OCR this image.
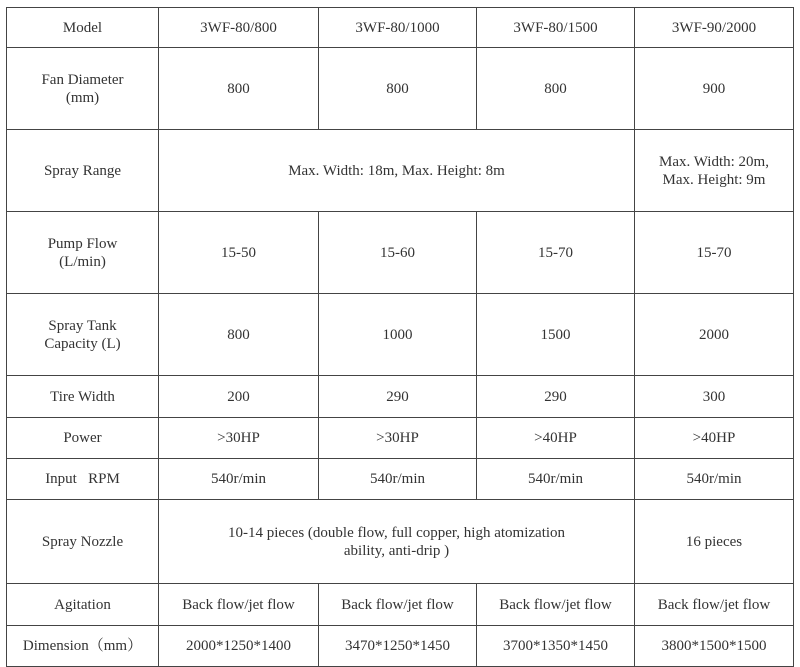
Model	3WF-80/800	3WF-80/1000	3WF-80/1500	3WF-90/2000

Fan Diameter
(mm)	800	800	800	900
Spray Range	Max. Width: 18m, Max. Height: 8m			Max. Width: 20m,
Max. Height: 9m

Pump Flow
(L/min)	15-50	15-60	15-70	15-70

Spray Tank
Capacity (L)	800	1000	1500	2000
Tire Width	200	290	290	300
Power	>30HP	>30HP	>40HP	>40HP
Input   RPM	540r/min	540r/min	540r/min	540r/min
Spray Nozzle	10-14 pieces (double flow, full copper, high atomization
ability, anti-drip )			16 pieces
Agitation	Back flow/jet flow	Back flow/jet flow	Back flow/jet flow	Back flow/jet flow
Dimension（mm）	2000*1250*1400	3470*1250*1450	3700*1350*1450	3800*1500*1500
